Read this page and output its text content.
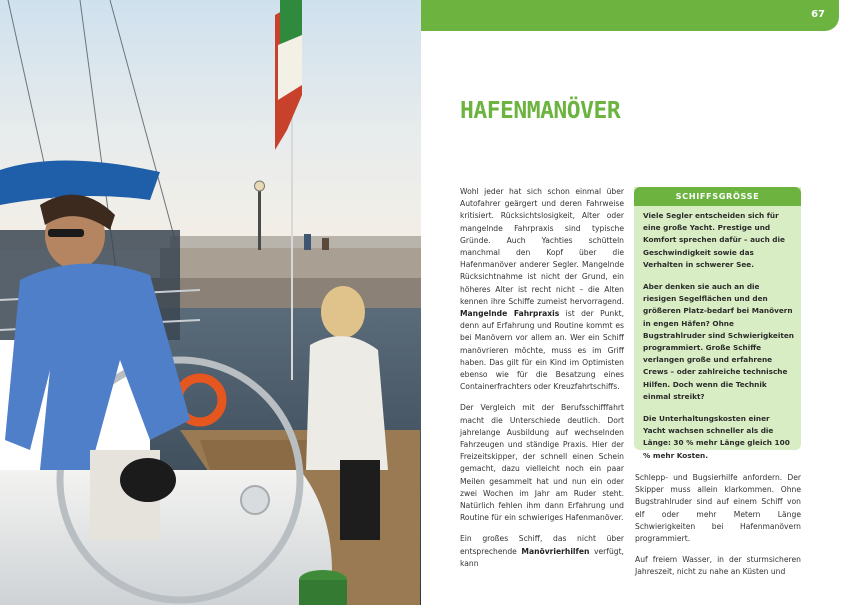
67
HAFENMANÖVER

Wohl jeder hat sich schon einmal über Autofahrer geärgert und deren Fahrweise kritisiert. Rücksichtslosigkeit, Alter oder mangelnde Fahrpraxis sind typische Gründe. Auch Yachties schütteln manchmal den Kopf über die Hafenmanöver anderer Segler. Mangelnde Rücksichtnahme ist nicht der Grund, ein höheres Alter ist recht nicht – die Alten kennen ihre Schiffe zumeist hervorragend. Mangelnde Fahrpraxis ist der Punkt, denn auf Erfahrung und Routine kommt es bei Manövern vor allem an. Wer ein Schiff manövrieren möchte, muss es im Griff haben. Das gilt für ein Kind im Optimisten ebenso wie für die Besatzung eines Containerfrachters oder Kreuzfahrtschiffs.

Der Vergleich mit der Berufsschifffahrt macht die Unterschiede deutlich. Dort jahrelange Ausbildung auf wechselnden Fahrzeugen und ständige Praxis. Hier der Freizeitskipper, der schnell einen Schein gemacht, dazu vielleicht noch ein paar Meilen gesammelt hat und nun ein oder zwei Wochen im Jahr am Ruder steht. Natürlich fehlen ihm dann Erfahrung und Routine für ein schwieriges Hafenmanöver.

Ein großes Schiff, das nicht über entsprechende Manövrierhilfen verfügt, kann

SCHIFFSGRÖSSE

Viele Segler entscheiden sich für eine große Yacht. Prestige und Komfort sprechen dafür – auch die Geschwindigkeit sowie das Verhalten in schwerer See.

Aber denken sie auch an die riesigen Segelflächen und den größeren Platz-bedarf bei Manövern in engen Häfen? Ohne Bugstrahlruder sind Schwierigkeiten programmiert. Große Schiffe verlangen große und erfahrene Crews – oder zahlreiche technische Hilfen. Doch wenn die Technik einmal streikt?

Die Unterhaltungskosten einer Yacht wachsen schneller als die Länge: 30 % mehr Länge gleich 100 % mehr Kosten.

Schlepp- und Bugsierhilfe anfordern. Der Skipper muss allein klarkommen. Ohne Bugstrahlruder sind auf einem Schiff von elf oder mehr Metern Länge Schwierigkeiten bei Hafenmanövern programmiert.

Auf freiem Wasser, in der sturmsicheren Jahreszeit, nicht zu nahe an Küsten und
